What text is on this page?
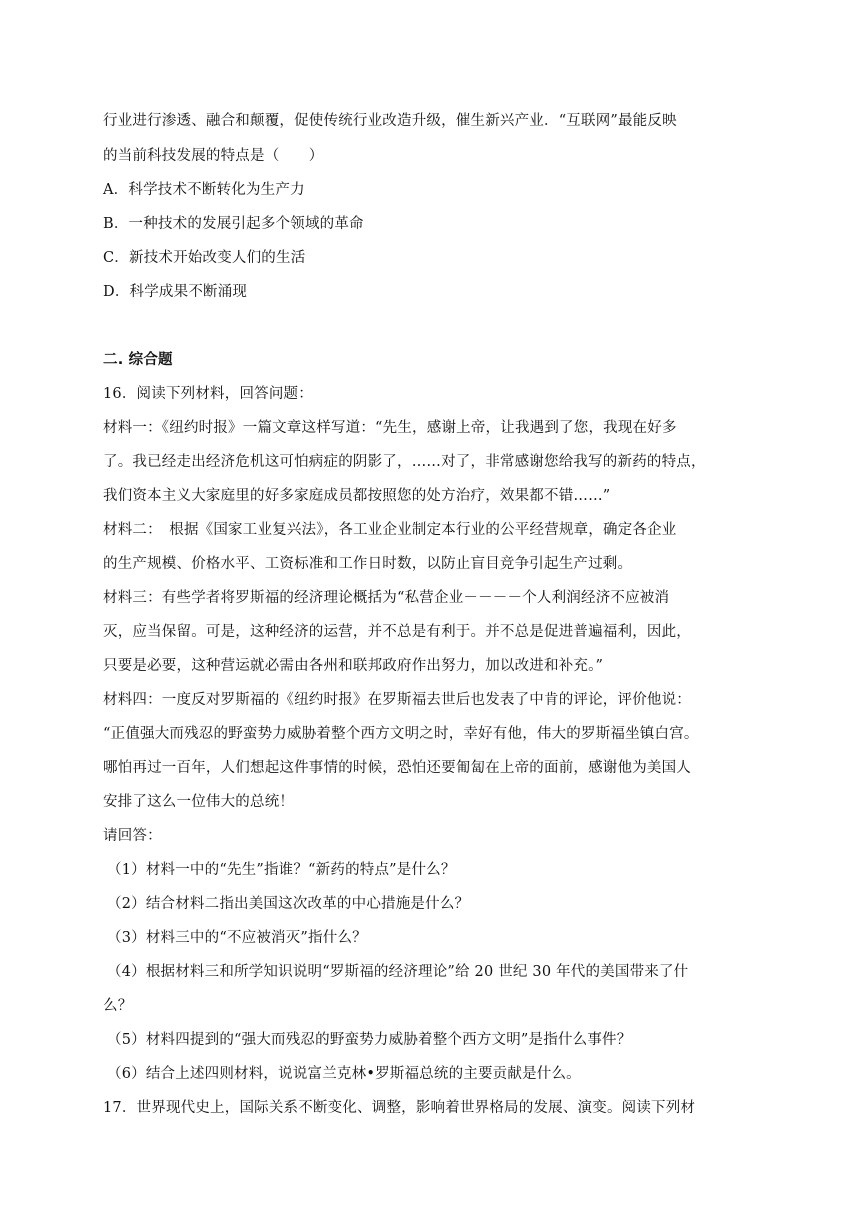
行业进行渗透、融合和颠覆，促使传统行业改造升级，催生新兴产业．“互联网”最能反映
的当前科技发展的特点是（　　）
A．科学技术不断转化为生产力
B．一种技术的发展引起多个领域的革命
C．新技术开始改变人们的生活
D．科学成果不断涌现
二. 综合题
16．阅读下列材料，回答问题：
材料一：《纽约时报》一篇文章这样写道：“先生，感谢上帝，让我遇到了您，我现在好多
了。我已经走出经济危机这可怕病症的阴影了，……对了，非常感谢您给我写的新药的特点，
我们资本主义大家庭里的好多家庭成员都按照您的处方治疗，效果都不错……”
材料二：　根据《国家工业复兴法》，各工业企业制定本行业的公平经营规章，确定各企业
的生产规模、价格水平、工资标准和工作日时数，以防止盲目竞争引起生产过剩。
材料三：有些学者将罗斯福的经济理论概括为“私营企业－－－－个人利润经济不应被消
灭，应当保留。可是，这种经济的运营，并不总是有利于。并不总是促进普遍福利，因此，
只要是必要，这种营运就必需由各州和联邦政府作出努力，加以改进和补充。”
材料四：一度反对罗斯福的《纽约时报》在罗斯福去世后也发表了中肯的评论，评价他说：
“正值强大而残忍的野蛮势力威胁着整个西方文明之时，幸好有他，伟大的罗斯福坐镇白宫。
哪怕再过一百年，人们想起这件事情的时候，恐怕还要匍匐在上帝的面前，感谢他为美国人
安排了这么一位伟大的总统！
请回答：
（1）材料一中的“先生”指谁？“新药的特点”是什么？
（2）结合材料二指出美国这次改革的中心措施是什么？
（3）材料三中的“不应被消灭”指什么？
（4）根据材料三和所学知识说明“罗斯福的经济理论”给 20 世纪 30 年代的美国带来了什
么？
（5）材料四提到的“强大而残忍的野蛮势力威胁着整个西方文明”是指什么事件？
（6）结合上述四则材料，说说富兰克林•罗斯福总统的主要贡献是什么。
17．世界现代史上，国际关系不断变化、调整，影响着世界格局的发展、演变。阅读下列材
